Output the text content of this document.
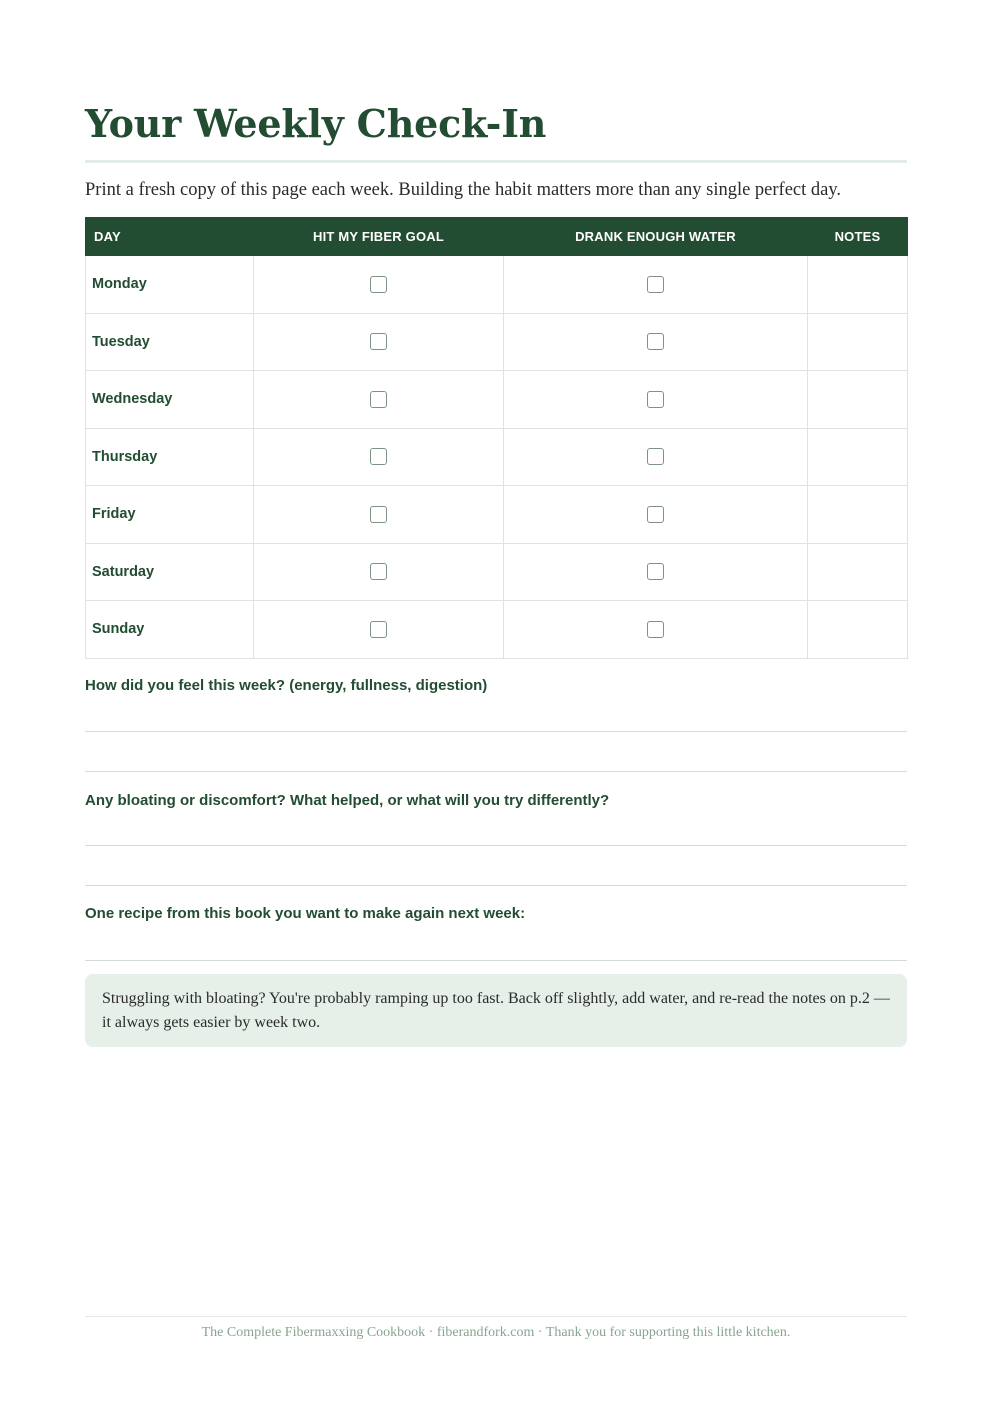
Your Weekly Check-In

Print a fresh copy of this page each week. Building the habit matters more than any single perfect day.

DAY	HIT MY FIBER GOAL	DRANK ENOUGH WATER	NOTES
Monday			
Tuesday			
Wednesday			
Thursday			
Friday			
Saturday			
Sunday			
How did you feel this week? (energy, fullness, digestion)
Any bloating or discomfort? What helped, or what will you try differently?
One recipe from this book you want to make again next week:
Struggling with bloating? You're probably ramping up too fast. Back off slightly, add water, and re-read the notes on p.2 — it always gets easier by week two.
The Complete Fibermaxxing Cookbook · fiberandfork.com · Thank you for supporting this little kitchen.
